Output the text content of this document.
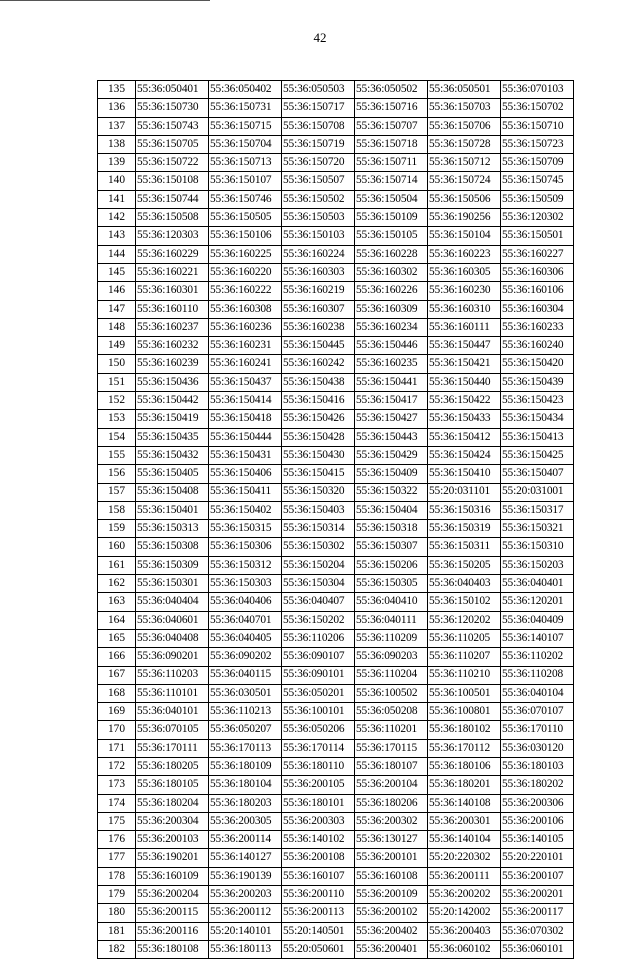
42
135	55:36:050401	55:36:050402	55:36:050503	55:36:050502	55:36:050501	55:36:070103
136	55:36:150730	55:36:150731	55:36:150717	55:36:150716	55:36:150703	55:36:150702
137	55:36:150743	55:36:150715	55:36:150708	55:36:150707	55:36:150706	55:36:150710
138	55:36:150705	55:36:150704	55:36:150719	55:36:150718	55:36:150728	55:36:150723
139	55:36:150722	55:36:150713	55:36:150720	55:36:150711	55:36:150712	55:36:150709
140	55:36:150108	55:36:150107	55:36:150507	55:36:150714	55:36:150724	55:36:150745
141	55:36:150744	55:36:150746	55:36:150502	55:36:150504	55:36:150506	55:36:150509
142	55:36:150508	55:36:150505	55:36:150503	55:36:150109	55:36:190256	55:36:120302
143	55:36:120303	55:36:150106	55:36:150103	55:36:150105	55:36:150104	55:36:150501
144	55:36:160229	55:36:160225	55:36:160224	55:36:160228	55:36:160223	55:36:160227
145	55:36:160221	55:36:160220	55:36:160303	55:36:160302	55:36:160305	55:36:160306
146	55:36:160301	55:36:160222	55:36:160219	55:36:160226	55:36:160230	55:36:160106
147	55:36:160110	55:36:160308	55:36:160307	55:36:160309	55:36:160310	55:36:160304
148	55:36:160237	55:36:160236	55:36:160238	55:36:160234	55:36:160111	55:36:160233
149	55:36:160232	55:36:160231	55:36:150445	55:36:150446	55:36:150447	55:36:160240
150	55:36:160239	55:36:160241	55:36:160242	55:36:160235	55:36:150421	55:36:150420
151	55:36:150436	55:36:150437	55:36:150438	55:36:150441	55:36:150440	55:36:150439
152	55:36:150442	55:36:150414	55:36:150416	55:36:150417	55:36:150422	55:36:150423
153	55:36:150419	55:36:150418	55:36:150426	55:36:150427	55:36:150433	55:36:150434
154	55:36:150435	55:36:150444	55:36:150428	55:36:150443	55:36:150412	55:36:150413
155	55:36:150432	55:36:150431	55:36:150430	55:36:150429	55:36:150424	55:36:150425
156	55:36:150405	55:36:150406	55:36:150415	55:36:150409	55:36:150410	55:36:150407
157	55:36:150408	55:36:150411	55:36:150320	55:36:150322	55:20:031101	55:20:031001
158	55:36:150401	55:36:150402	55:36:150403	55:36:150404	55:36:150316	55:36:150317
159	55:36:150313	55:36:150315	55:36:150314	55:36:150318	55:36:150319	55:36:150321
160	55:36:150308	55:36:150306	55:36:150302	55:36:150307	55:36:150311	55:36:150310
161	55:36:150309	55:36:150312	55:36:150204	55:36:150206	55:36:150205	55:36:150203
162	55:36:150301	55:36:150303	55:36:150304	55:36:150305	55:36:040403	55:36:040401
163	55:36:040404	55:36:040406	55:36:040407	55:36:040410	55:36:150102	55:36:120201
164	55:36:040601	55:36:040701	55:36:150202	55:36:040111	55:36:120202	55:36:040409
165	55:36:040408	55:36:040405	55:36:110206	55:36:110209	55:36:110205	55:36:140107
166	55:36:090201	55:36:090202	55:36:090107	55:36:090203	55:36:110207	55:36:110202
167	55:36:110203	55:36:040115	55:36:090101	55:36:110204	55:36:110210	55:36:110208
168	55:36:110101	55:36:030501	55:36:050201	55:36:100502	55:36:100501	55:36:040104
169	55:36:040101	55:36:110213	55:36:100101	55:36:050208	55:36:100801	55:36:070107
170	55:36:070105	55:36:050207	55:36:050206	55:36:110201	55:36:180102	55:36:170110
171	55:36:170111	55:36:170113	55:36:170114	55:36:170115	55:36:170112	55:36:030120
172	55:36:180205	55:36:180109	55:36:180110	55:36:180107	55:36:180106	55:36:180103
173	55:36:180105	55:36:180104	55:36:200105	55:36:200104	55:36:180201	55:36:180202
174	55:36:180204	55:36:180203	55:36:180101	55:36:180206	55:36:140108	55:36:200306
175	55:36:200304	55:36:200305	55:36:200303	55:36:200302	55:36:200301	55:36:200106
176	55:36:200103	55:36:200114	55:36:140102	55:36:130127	55:36:140104	55:36:140105
177	55:36:190201	55:36:140127	55:36:200108	55:36:200101	55:20:220302	55:20:220101
178	55:36:160109	55:36:190139	55:36:160107	55:36:160108	55:36:200111	55:36:200107
179	55:36:200204	55:36:200203	55:36:200110	55:36:200109	55:36:200202	55:36:200201
180	55:36:200115	55:36:200112	55:36:200113	55:36:200102	55:20:142002	55:36:200117
181	55:36:200116	55:20:140101	55:20:140501	55:36:200402	55:36:200403	55:36:070302
182	55:36:180108	55:36:180113	55:20:050601	55:36:200401	55:36:060102	55:36:060101
